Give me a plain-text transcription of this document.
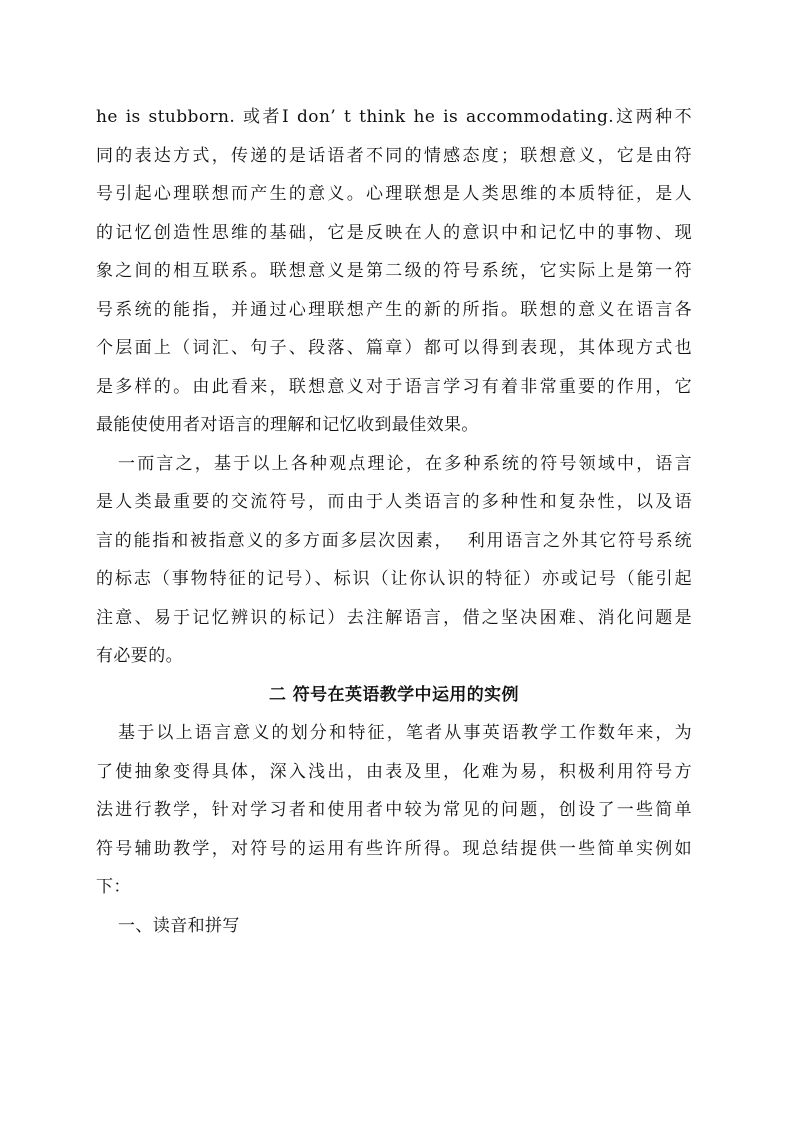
he is stubborn. 或者I don’ t think he is accommodating.这两种不
同的表达方式，传递的是话语者不同的情感态度；联想意义，它是由符
号引起心理联想而产生的意义。心理联想是人类思维的本质特征，是人
的记忆创造性思维的基础，它是反映在人的意识中和记忆中的事物、现
象之间的相互联系。联想意义是第二级的符号系统，它实际上是第一符
号系统的能指，并通过心理联想产生的新的所指。联想的意义在语言各
个层面上（词汇、句子、段落、篇章）都可以得到表现，其体现方式也
是多样的。由此看来，联想意义对于语言学习有着非常重要的作用，它
最能使使用者对语言的理解和记忆收到最佳效果。
一而言之，基于以上各种观点理论，在多种系统的符号领域中，语言
是人类最重要的交流符号，而由于人类语言的多种性和复杂性，以及语
言的能指和被指意义的多方面多层次因素，  利用语言之外其它符号系统
的标志（事物特征的记号）、标识（让你认识的特征）亦或记号（能引起
注意、易于记忆辨识的标记）去注解语言，借之坚决困难、消化问题是
有必要的。
二 符号在英语教学中运用的实例
基于以上语言意义的划分和特征，笔者从事英语教学工作数年来，为
了使抽象变得具体，深入浅出，由表及里，化难为易，积极利用符号方
法进行教学，针对学习者和使用者中较为常见的问题，创设了一些简单
符号辅助教学，对符号的运用有些许所得。现总结提供一些简单实例如
下：
一、读音和拼写
